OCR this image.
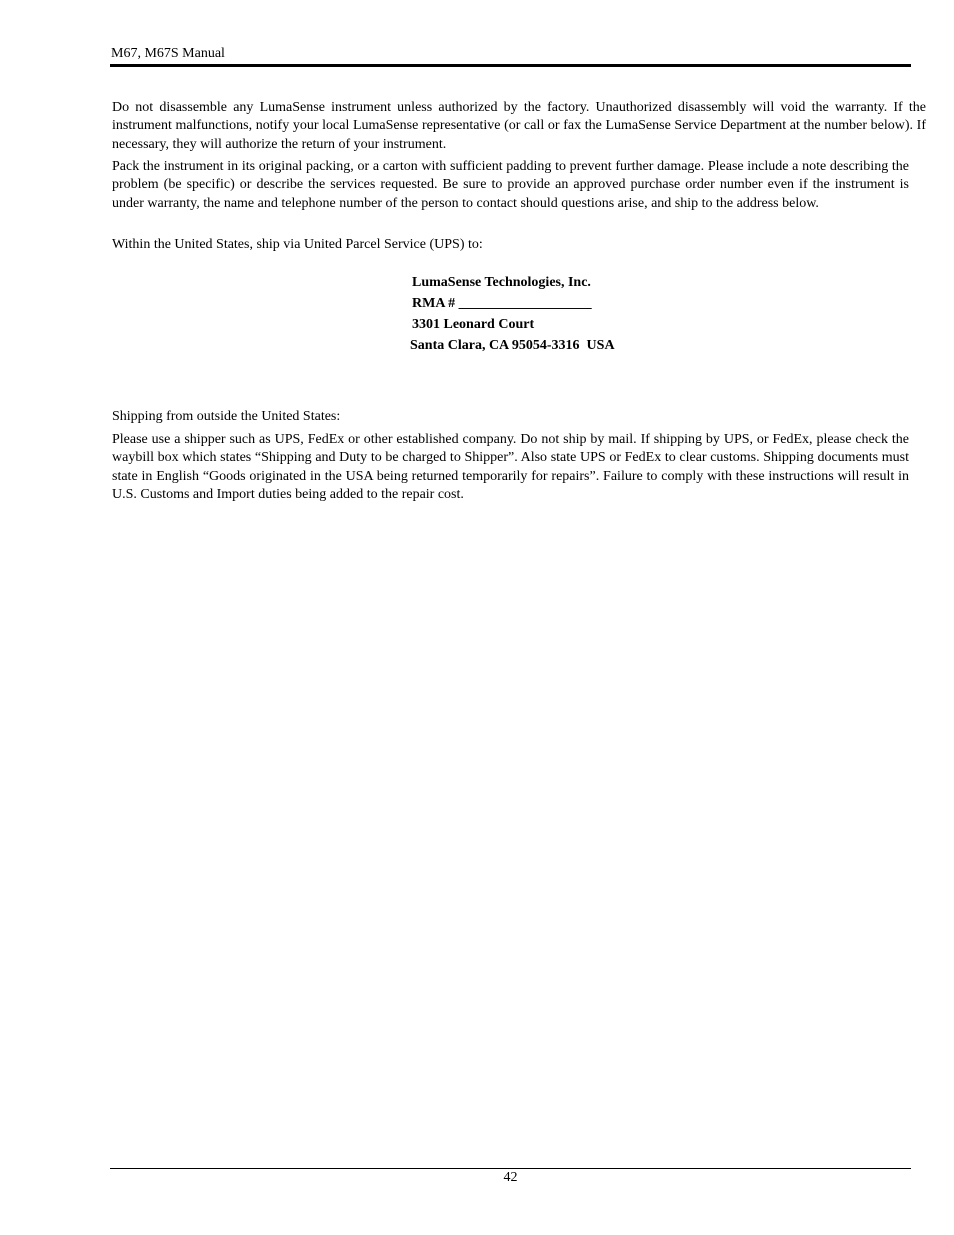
M67, M67S Manual

Do not disassemble any LumaSense instrument unless authorized by the factory. Unauthorized disassembly will void the warranty. If the instrument malfunctions, notify your local LumaSense representative (or call or fax the LumaSense Service Department at the number below). If necessary, they will authorize the return of your instrument.

Pack the instrument in its original packing, or a carton with sufficient padding to prevent further damage. Please include a note describing the problem (be specific) or describe the services requested. Be sure to provide an approved purchase order number even if the instrument is under warranty, the name and telephone number of the person to contact should questions arise, and ship to the address below.

Within the United States, ship via United Parcel Service (UPS) to:

LumaSense Technologies, Inc.
RMA # ___________________
3301 Leonard Court
Santa Clara, CA 95054-3316  USA

Shipping from outside the United States:

Please use a shipper such as UPS, FedEx or other established company. Do not ship by mail. If shipping by UPS, or FedEx, please check the waybill box which states “Shipping and Duty to be charged to Shipper”. Also state UPS or FedEx to clear customs. Shipping documents must state in English “Goods originated in the USA being returned temporarily for repairs”. Failure to comply with these instructions will result in U.S. Customs and Import duties being added to the repair cost.

42
